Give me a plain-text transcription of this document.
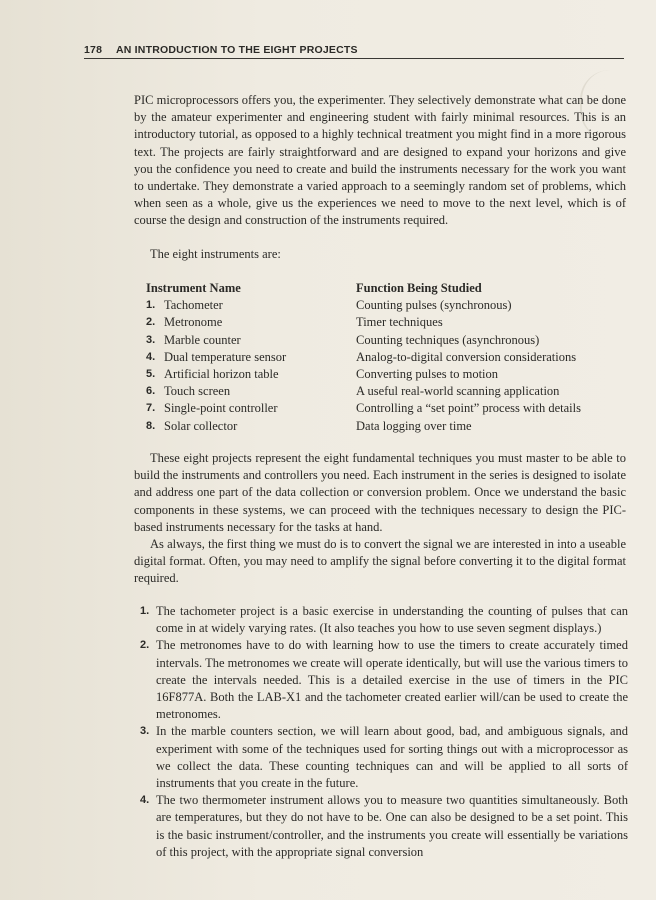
178 AN INTRODUCTION TO THE EIGHT PROJECTS
PIC microprocessors offers you, the experimenter. They selectively demonstrate what can be done by the amateur experimenter and engineering student with fairly minimal resources. This is an introductory tutorial, as opposed to a highly technical treatment you might find in a more rigorous text. The projects are fairly straightforward and are designed to expand your horizons and give you the confidence you need to create and build the instruments necessary for the work you want to undertake. They demonstrate a varied approach to a seemingly random set of problems, which when seen as a whole, give us the experiences we need to move to the next level, which is of course the design and construction of the instruments required.
The eight instruments are:
Instrument Name	Function Being Studied
1. Tachometer	Counting pulses (synchronous)
2. Metronome	Timer techniques
3. Marble counter	Counting techniques (asynchronous)
4. Dual temperature sensor	Analog-to-digital conversion considerations
5. Artificial horizon table	Converting pulses to motion
6. Touch screen	A useful real-world scanning application
7. Single-point controller	Controlling a “set point” process with details
8. Solar collector	Data logging over time
These eight projects represent the eight fundamental techniques you must master to be able to build the instruments and controllers you need. Each instrument in the series is designed to isolate and address one part of the data collection or conversion problem. Once we understand the basic components in these systems, we can proceed with the techniques necessary to design the PIC-based instruments necessary for the tasks at hand.
As always, the first thing we must do is to convert the signal we are interested in into a useable digital format. Often, you may need to amplify the signal before converting it to the digital format required.
1. The tachometer project is a basic exercise in understanding the counting of pulses that can come in at widely varying rates. (It also teaches you how to use seven segment displays.)
2. The metronomes have to do with learning how to use the timers to create accurately timed intervals. The metronomes we create will operate identically, but will use the various timers to create the intervals needed. This is a detailed exercise in the use of timers in the PIC 16F877A. Both the LAB-X1 and the tachometer created earlier will/can be used to create the metronomes.
3. In the marble counters section, we will learn about good, bad, and ambiguous signals, and experiment with some of the techniques used for sorting things out with a microprocessor as we collect the data. These counting techniques can and will be applied to all sorts of instruments that you create in the future.
4. The two thermometer instrument allows you to measure two quantities simultaneously. Both are temperatures, but they do not have to be. One can also be designed to be a set point. This is the basic instrument/controller, and the instruments you create will essentially be variations of this project, with the appropriate signal conversion
